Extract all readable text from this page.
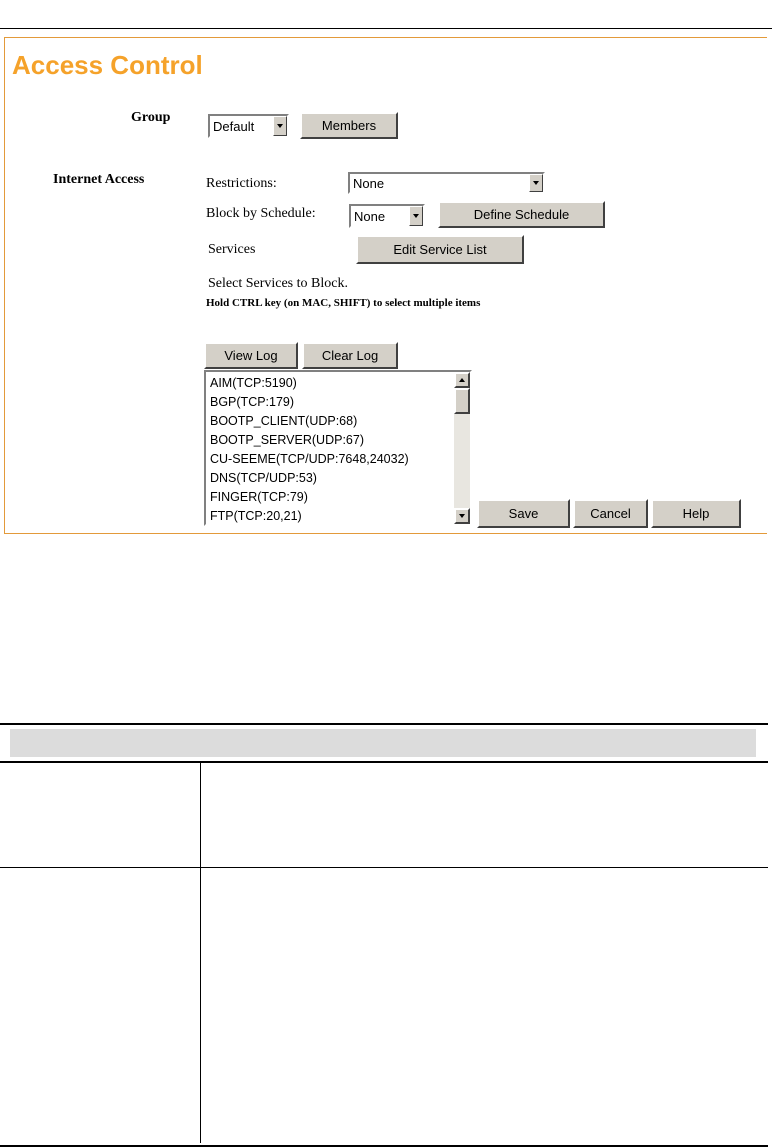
Access Control
Group
Default	Members
Internet Access	Restrictions:	None
Block by Schedule:	None	Define Schedule
Services	Edit Service List
Select Services to Block.
Hold CTRL key (on MAC, SHIFT) to select multiple items
View Log	Clear Log
AIM(TCP:5190)
BGP(TCP:179)
BOOTP_CLIENT(UDP:68)
BOOTP_SERVER(UDP:67)
CU-SEEME(TCP/UDP:7648,24032)
DNS(TCP/UDP:53)
FINGER(TCP:79)
FTP(TCP:20,21)	Save	Cancel	Help
